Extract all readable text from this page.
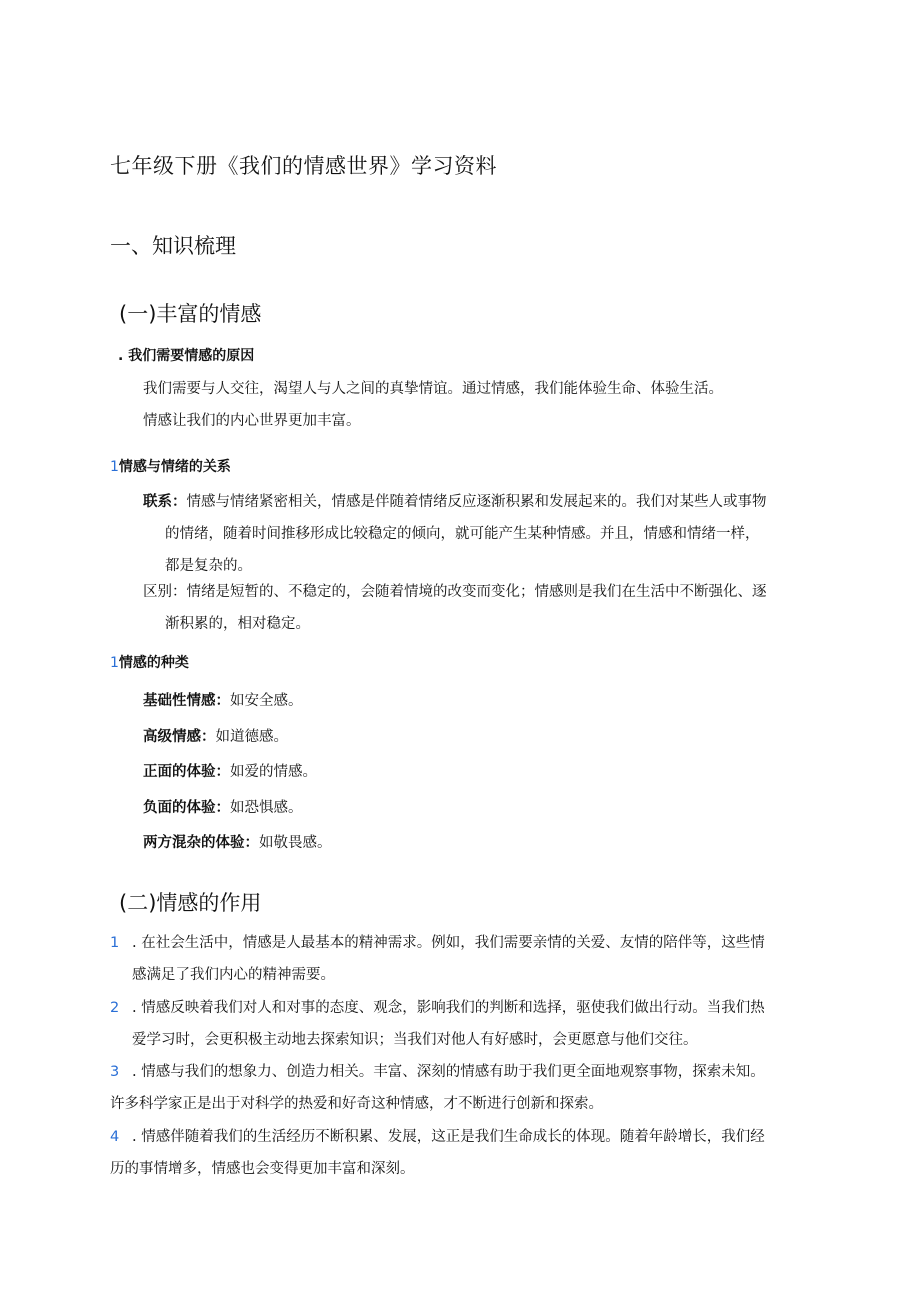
七年级下册《我们的情感世界》学习资料
一、知识梳理
(一)丰富的情感
. 我们需要情感的原因
我们需要与人交往，渴望人与人之间的真挚情谊。通过情感，我们能体验生命、体验生活。
情感让我们的内心世界更加丰富。
1情感与情绪的关系
联系：情感与情绪紧密相关，情感是伴随着情绪反应逐渐积累和发展起来的。我们对某些人或事物
的情绪，随着时间推移形成比较稳定的倾向，就可能产生某种情感。并且，情感和情绪一样，
都是复杂的。
区别：情绪是短暂的、不稳定的，会随着情境的改变而变化；情感则是我们在生活中不断强化、逐
渐积累的，相对稳定。
1情感的种类
基础性情感：如安全感。
高级情感：如道德感。
正面的体验：如爱的情感。
负面的体验：如恐惧感。
两方混杂的体验：如敬畏感。
(二)情感的作用
1 . 在社会生活中，情感是人最基本的精神需求。例如，我们需要亲情的关爱、友情的陪伴等，这些情
感满足了我们内心的精神需要。
2 . 情感反映着我们对人和对事的态度、观念，影响我们的判断和选择，驱使我们做出行动。当我们热
爱学习时，会更积极主动地去探索知识；当我们对他人有好感时，会更愿意与他们交往。
3 . 情感与我们的想象力、创造力相关。丰富、深刻的情感有助于我们更全面地观察事物，探索未知。
许多科学家正是出于对科学的热爱和好奇这种情感，才不断进行创新和探索。
4 . 情感伴随着我们的生活经历不断积累、发展，这正是我们生命成长的体现。随着年龄增长，我们经
历的事情增多，情感也会变得更加丰富和深刻。
